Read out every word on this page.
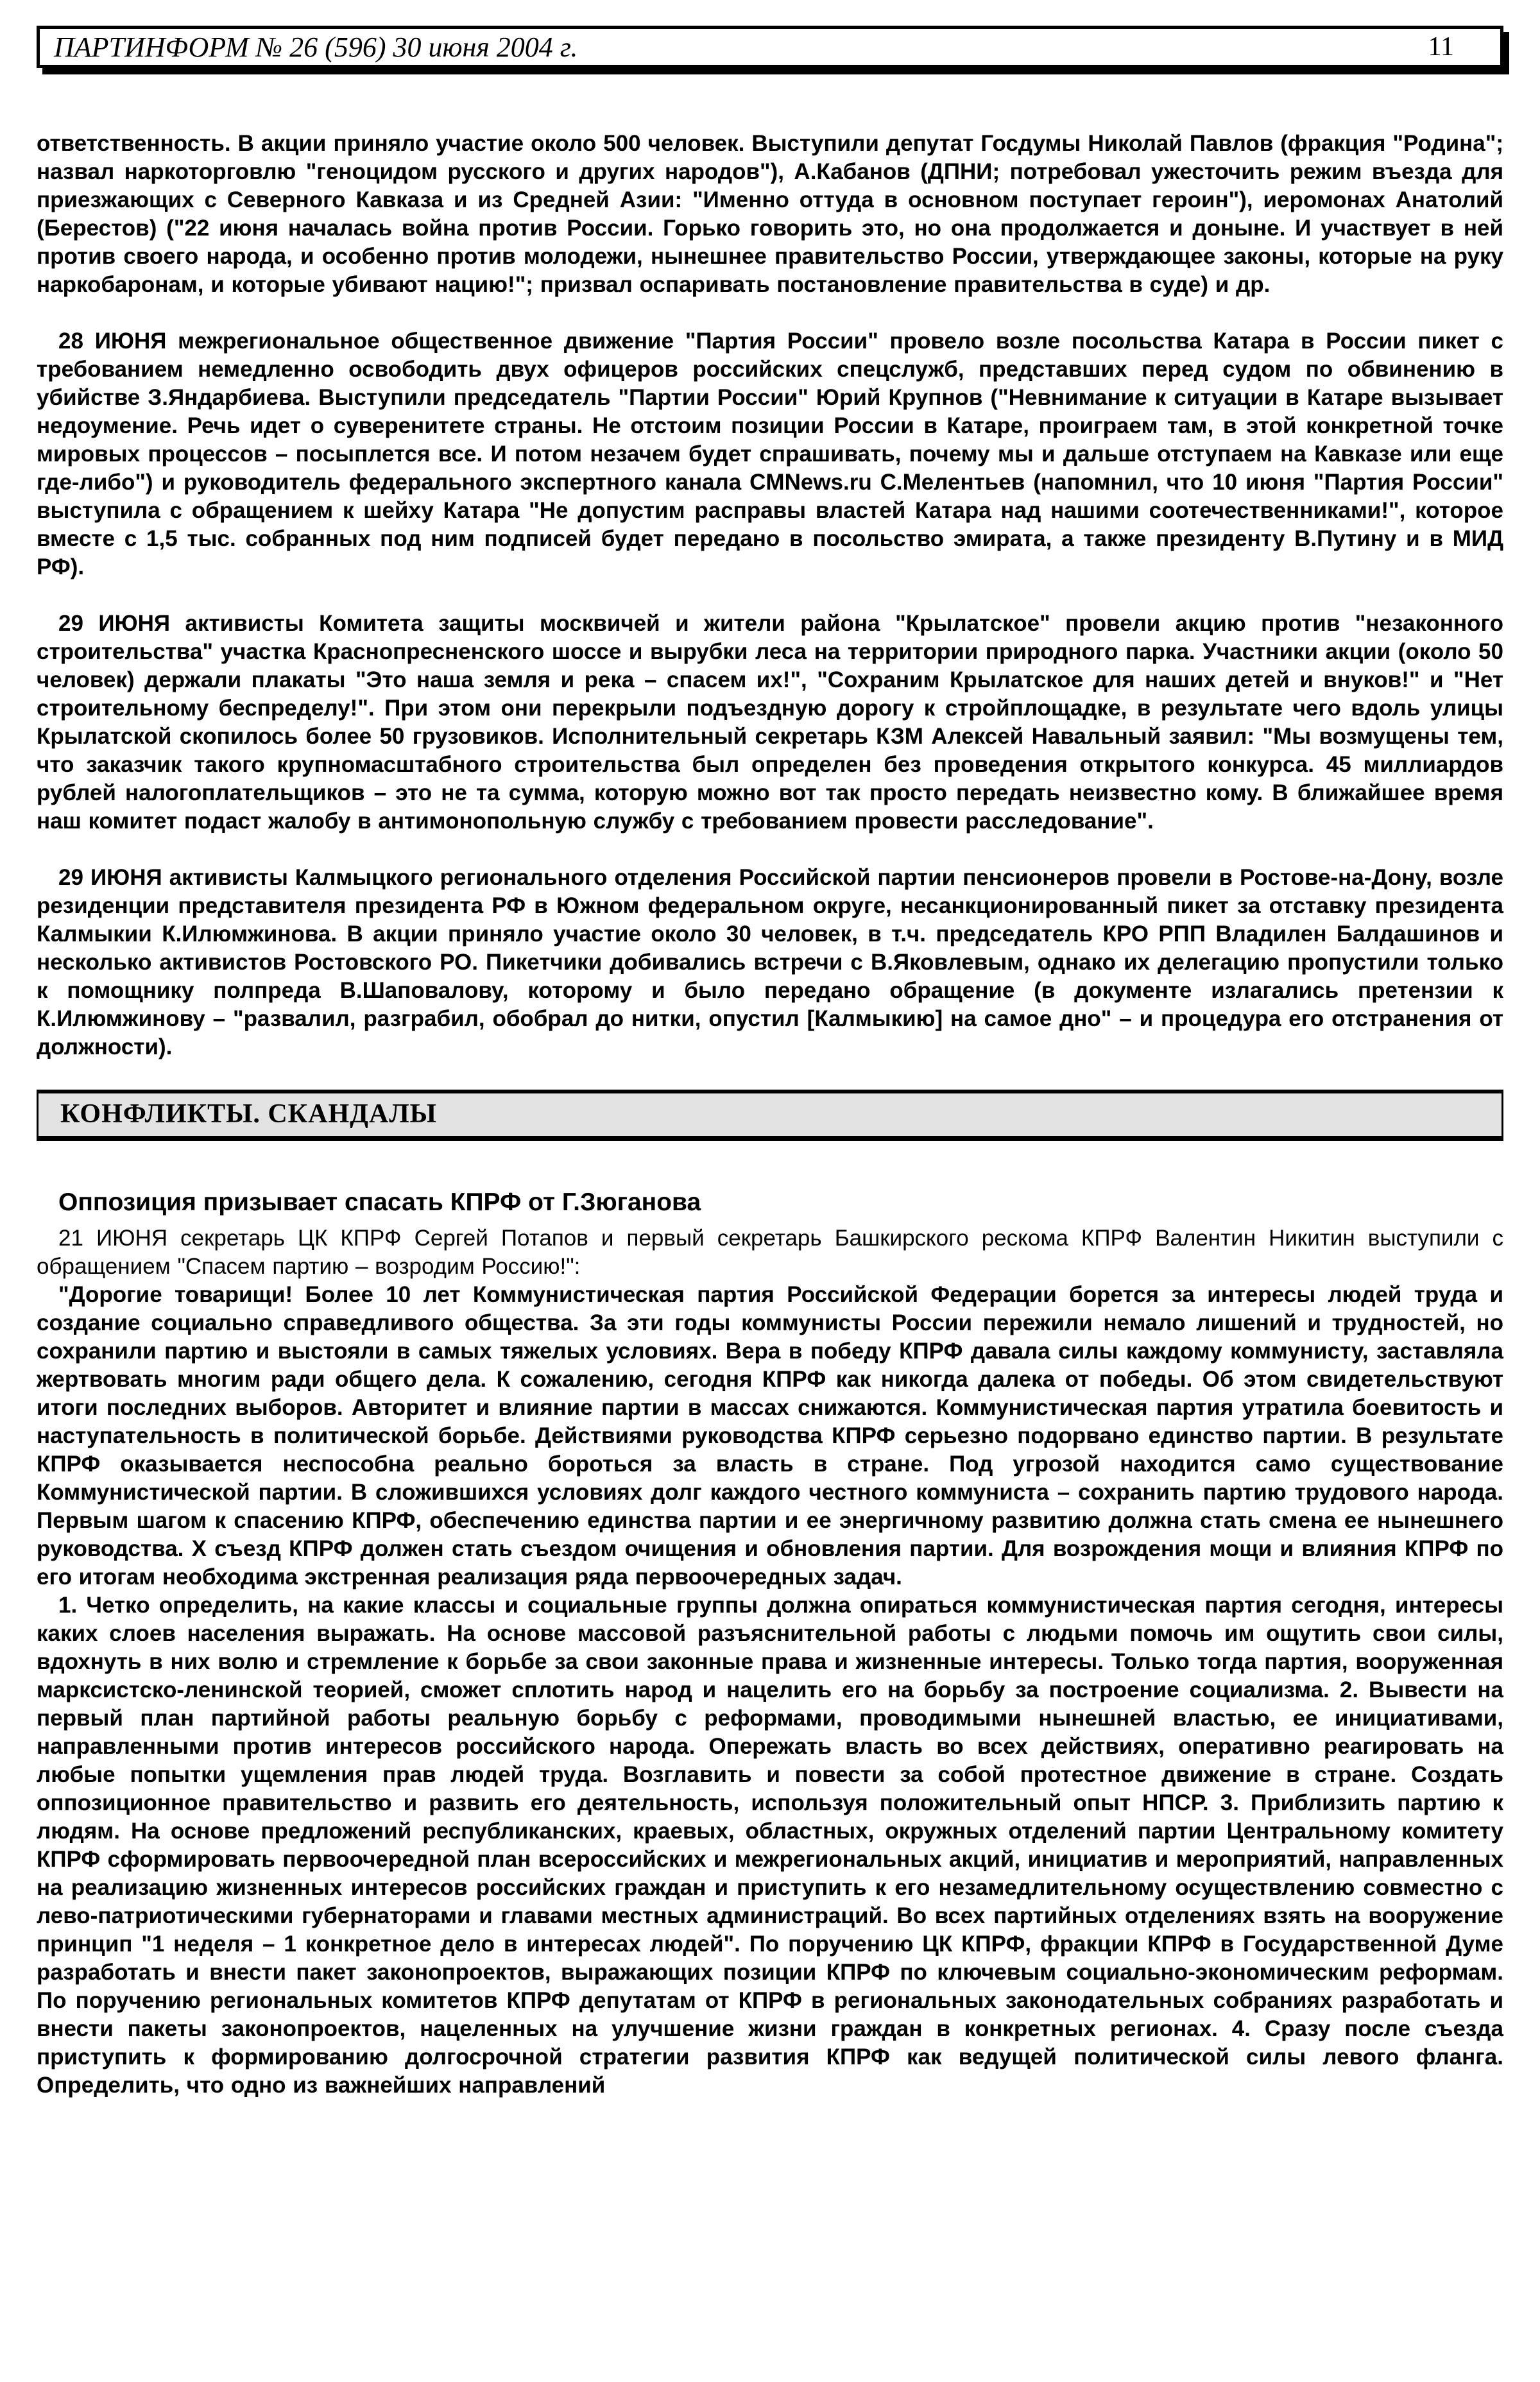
ПАРТИНФОРМ № 26 (596) 30 июня 2004 г.	11

ответственность. В акции приняло участие около 500 человек. Выступили депутат Госдумы Николай Павлов (фракция "Родина"; назвал наркоторговлю "геноцидом русского и других народов"), А.Кабанов (ДПНИ; потребовал ужесточить режим въезда для приезжающих с Северного Кавказа и из Средней Азии: "Именно оттуда в основном поступает героин"), иеромонах Анатолий (Берестов) ("22 июня началась война против России. Горько говорить это, но она продолжается и доныне. И участвует в ней против своего народа, и особенно против молодежи, нынешнее правительство России, утверждающее законы, которые на руку наркобаронам, и которые убивают нацию!"; призвал оспаривать постановление правительства в суде) и др.

28 ИЮНЯ межрегиональное общественное движение "Партия России" провело возле посольства Катара в России пикет с требованием немедленно освободить двух офицеров российских спецслужб, представших перед судом по обвинению в убийстве З.Яндарбиева. Выступили председатель "Партии России" Юрий Крупнов ("Невнимание к ситуации в Катаре вызывает недоумение. Речь идет о суверенитете страны. Не отстоим позиции России в Катаре, проиграем там, в этой конкретной точке мировых процессов – посыплется все. И потом незачем будет спрашивать, почему мы и дальше отступаем на Кавказе или еще где-либо") и руководитель федерального экспертного канала CMNews.ru С.Мелентьев (напомнил, что 10 июня "Партия России" выступила с обращением к шейху Катара "Не допустим расправы властей Катара над нашими соотечественниками!", которое вместе с 1,5 тыс. собранных под ним подписей будет передано в посольство эмирата, а также президенту В.Путину и в МИД РФ).

29 ИЮНЯ активисты Комитета защиты москвичей и жители района "Крылатское" провели акцию против "незаконного строительства" участка Краснопресненского шоссе и вырубки леса на территории природного парка. Участники акции (около 50 человек) держали плакаты "Это наша земля и река – спасем их!", "Сохраним Крылатское для наших детей и внуков!" и "Нет строительному беспределу!". При этом они перекрыли подъездную дорогу к стройплощадке, в результате чего вдоль улицы Крылатской скопилось более 50 грузовиков. Исполнительный секретарь КЗМ Алексей Навальный заявил: "Мы возмущены тем, что заказчик такого крупномасштабного строительства был определен без проведения открытого конкурса. 45 миллиардов рублей налогоплательщиков – это не та сумма, которую можно вот так просто передать неизвестно кому. В ближайшее время наш комитет подаст жалобу в антимонопольную службу с требованием провести расследование".

29 ИЮНЯ активисты Калмыцкого регионального отделения Российской партии пенсионеров провели в Ростове-на-Дону, возле резиденции представителя президента РФ в Южном федеральном округе, несанкционированный пикет за отставку президента Калмыкии К.Илюмжинова. В акции приняло участие около 30 человек, в т.ч. председатель КРО РПП Владилен Балдашинов и несколько активистов Ростовского РО. Пикетчики добивались встречи с В.Яковлевым, однако их делегацию пропустили только к помощнику полпреда В.Шаповалову, которому и было передано обращение (в документе излагались претензии к К.Илюмжинову – "развалил, разграбил, обобрал до нитки, опустил [Калмыкию] на самое дно" – и процедура его отстранения от должности).

КОНФЛИКТЫ. СКАНДАЛЫ
Оппозиция призывает спасать КПРФ от Г.Зюганова

21 ИЮНЯ секретарь ЦК КПРФ Сергей Потапов и первый секретарь Башкирского рескома КПРФ Валентин Никитин выступили с обращением "Спасем партию – возродим Россию!":

"Дорогие товарищи! Более 10 лет Коммунистическая партия Российской Федерации борется за интересы людей труда и создание социально справедливого общества. За эти годы коммунисты России пережили немало лишений и трудностей, но сохранили партию и выстояли в самых тяжелых условиях. Вера в победу КПРФ давала силы каждому коммунисту, заставляла жертвовать многим ради общего дела. К сожалению, сегодня КПРФ как никогда далека от победы. Об этом свидетельствуют итоги последних выборов. Авторитет и влияние партии в массах снижаются. Коммунистическая партия утратила боевитость и наступательность в политической борьбе. Действиями руководства КПРФ серьезно подорвано единство партии. В результате КПРФ оказывается неспособна реально бороться за власть в стране. Под угрозой находится само существование Коммунистической партии. В сложившихся условиях долг каждого честного коммуниста – сохранить партию трудового народа. Первым шагом к спасению КПРФ, обеспечению единства партии и ее энергичному развитию должна стать смена ее нынешнего руководства. X съезд КПРФ должен стать съездом очищения и обновления партии. Для возрождения мощи и влияния КПРФ по его итогам необходима экстренная реализация ряда первоочередных задач.

1. Четко определить, на какие классы и социальные группы должна опираться коммунистическая партия сегодня, интересы каких слоев населения выражать. На основе массовой разъяснительной работы с людьми помочь им ощутить свои силы, вдохнуть в них волю и стремление к борьбе за свои законные права и жизненные интересы. Только тогда партия, вооруженная марксистско-ленинской теорией, сможет сплотить народ и нацелить его на борьбу за построение социализма. 2. Вывести на первый план партийной работы реальную борьбу с реформами, проводимыми нынешней властью, ее инициативами, направленными против интересов российского народа. Опережать власть во всех действиях, оперативно реагировать на любые попытки ущемления прав людей труда. Возглавить и повести за собой протестное движение в стране. Создать оппозиционное правительство и развить его деятельность, используя положительный опыт НПСР. 3. Приблизить партию к людям. На основе предложений республиканских, краевых, областных, окружных отделений партии Центральному комитету КПРФ сформировать первоочередной план всероссийских и межрегиональных акций, инициатив и мероприятий, направленных на реализацию жизненных интересов российских граждан и приступить к его незамедлительному осуществлению совместно с лево-патриотическими губернаторами и главами местных администраций. Во всех партийных отделениях взять на вооружение принцип "1 неделя – 1 конкретное дело в интересах людей". По поручению ЦК КПРФ, фракции КПРФ в Государственной Думе разработать и внести пакет законопроектов, выражающих позиции КПРФ по ключевым социально-экономическим реформам. По поручению региональных комитетов КПРФ депутатам от КПРФ в региональных законодательных собраниях разработать и внести пакеты законопроектов, нацеленных на улучшение жизни граждан в конкретных регионах. 4. Сразу после съезда приступить к формированию долгосрочной стратегии развития КПРФ как ведущей политической силы левого фланга. Определить, что одно из важнейших направлений
